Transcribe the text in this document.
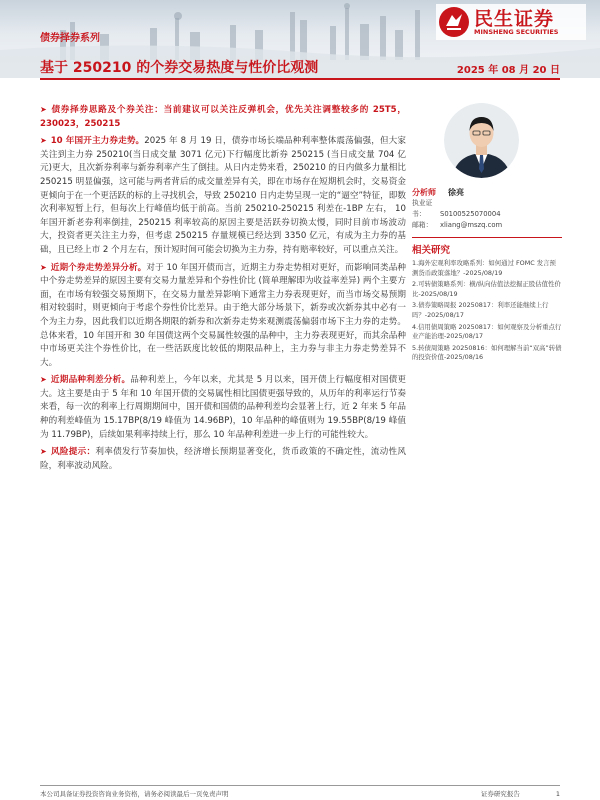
债券择券系列
民生证券
MINSHENG SECURITIES
基于 250210 的个券交易热度与性价比观测	2025 年 08 月 20 日

➤ 债券择券思路及个券关注：当前建议可以关注反弹机会，优先关注调整较多的 25T5，230023，250215

➤ 10 年国开主力券走势。2025 年 8 月 19 日，债券市场长端品种利率整体震荡偏强，但大家关注到主力券 250210(当日成交量 3071 亿元)下行幅度比新券 250215 (当日成交量 704 亿元)更大，且次新券利率与新券利率产生了倒挂。从日内走势来看，250210 的日内做多力量相比 250215 明显偏强，这可能与两者背后的成交量差异有关，即在市场存在短期机会时，交易资金更倾向于在一个更活跃的标的上寻找机会，导致 250210 日内走势呈现一定的“逼空”特征，即数次利率短暂上行，但每次上行峰值均低于前高。当前 250210-250215 利差在-1BP 左右， 10 年国开新老券利率倒挂，250215 利率较高的原因主要是活跃券切换太慢，同时目前市场波动大，投资者更关注主力券，但考虑 250215 存量规模已经达到 3350 亿元，有成为主力券的基础，且已经上市 2 个月左右，预计短时间可能会切换为主力券，持有赔率较好，可以重点关注。

➤ 近期个券走势差异分析。对于 10 年国开债而言，近期主力券走势相对更好，而影响同类品种中个券走势差异的原因主要有交易力量差异和个券性价比 (简单理解即为收益率差异) 两个主要方面，在市场有较强交易预期下，在交易力量差异影响下通常主力券表现更好，而当市场交易预期相对较弱时，则更倾向于考虑个券性价比差异。由于绝大部分场景下，新券或次新券其中必有一个为主力券，因此我们以近期各期限的新券和次新券走势来观测震荡偏弱市场下主力券的走势。总体来看，10 年国开和 30 年国债这两个交易属性较强的品种中，主力券表现更好，而其余品种中市场更关注个券性价比，在一些活跃度比较低的期限品种上，主力券与非主力券走势差异不大。

➤ 近期品种利差分析。品种利差上，今年以来，尤其是 5 月以来，国开债上行幅度相对国债更大。这主要是由于 5 年和 10 年国开债的交易属性相比国债更强导致的，从历年的利率运行节奏来看，每一次的利率上行周期期间中，国开债和国债的品种利差均会显著上行，近 2 年来 5 年品种的利差峰值为 15.17BP(8/19 峰值为 14.96BP)，10 年品种的峰值则为 19.55BP(8/19 峰值为 11.79BP)，后续如果利率持续上行，那么 10 年品种利差进一步上行的可能性较大。

➤ 风险提示：利率债发行节奏加快，经济增长预期显著变化，货币政策的不确定性，流动性风险，利率波动风险。

分析师 徐亮
执业证书： S0100525070004
邮箱： xliang@mszq.com
相关研究
1.海外宏观利率攻略系列：如何通过 FOMC 发言预测货币政策落地？-2025/08/19
2.可转债策略系列：横/纵向估值法挖掘正股估值性价比-2025/08/19
3.债券策略周报 20250817：利率还能继续上行吗？-2025/08/17
4.信用债周策略 20250817：如何观察及分析重点行业产能治理-2025/08/17
5.转债周策略 20250816：如何理解当前“双高”转债的投资价值-2025/08/16
本公司具备证券投资咨询业务资格，请务必阅读最后一页免责声明	证券研究报告	1
